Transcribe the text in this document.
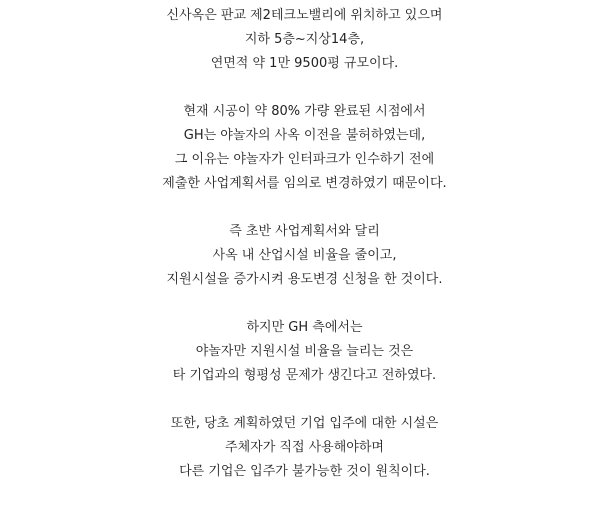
신사옥은 판교 제2테크노밸리에 위치하고 있으며
지하 5층~지상14층,
연면적 약 1만 9500평 규모이다.
현재 시공이 약 80% 가량 완료된 시점에서
GH는 야놀자의 사옥 이전을 불허하였는데,
그 이유는 야놀자가 인터파크가 인수하기 전에
제출한 사업계획서를 임의로 변경하였기 때문이다.
즉 초반 사업계획서와 달리
사옥 내 산업시설 비율을 줄이고,
지원시설을 증가시켜 용도변경 신청을 한 것이다.
하지만 GH 측에서는
야놀자만 지원시설 비율을 늘리는 것은
타 기업과의 형평성 문제가 생긴다고 전하였다.
또한, 당초 계획하였던 기업 입주에 대한 시설은
주체자가 직접 사용해야하며
다른 기업은 입주가 불가능한 것이 원칙이다.
